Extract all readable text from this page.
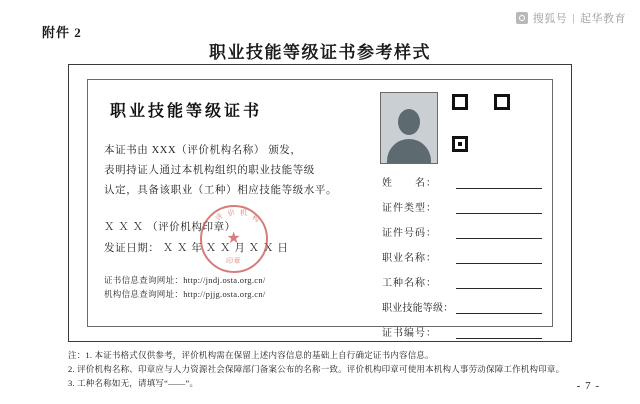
搜狐号 | 起华教育
附件 2
职业技能等级证书参考样式
职业技能等级证书
本证书由 XXX（评价机构名称） 颁发，
表明持证人通过本机构组织的职业技能等级
认定，具备该职业（工种）相应技能等级水平。
Ｘ Ｘ Ｘ （评价机构印章）
发证日期： Ｘ Ｘ 年 Ｘ Ｘ 月 Ｘ Ｘ 日
评 价 机
构
印章
★
证书信息查询网址：http://jndj.osta.org.cn/
机构信息查询网址：http://pjjg.osta.org.cn/
姓　　名：
证件类型：
证件号码：
职业名称：
工种名称：
职业技能等级：
证书编号：
注：1. 本证书格式仅供参考，评价机构需在保留上述内容信息的基础上自行确定证书内容信息。
2. 评价机构名称、印章应与人力资源社会保障部门备案公布的名称一致。评价机构印章可使用本机构人事劳动保障工作机构印章。
3. 工种名称如无，请填写“——”。	- 7 -
